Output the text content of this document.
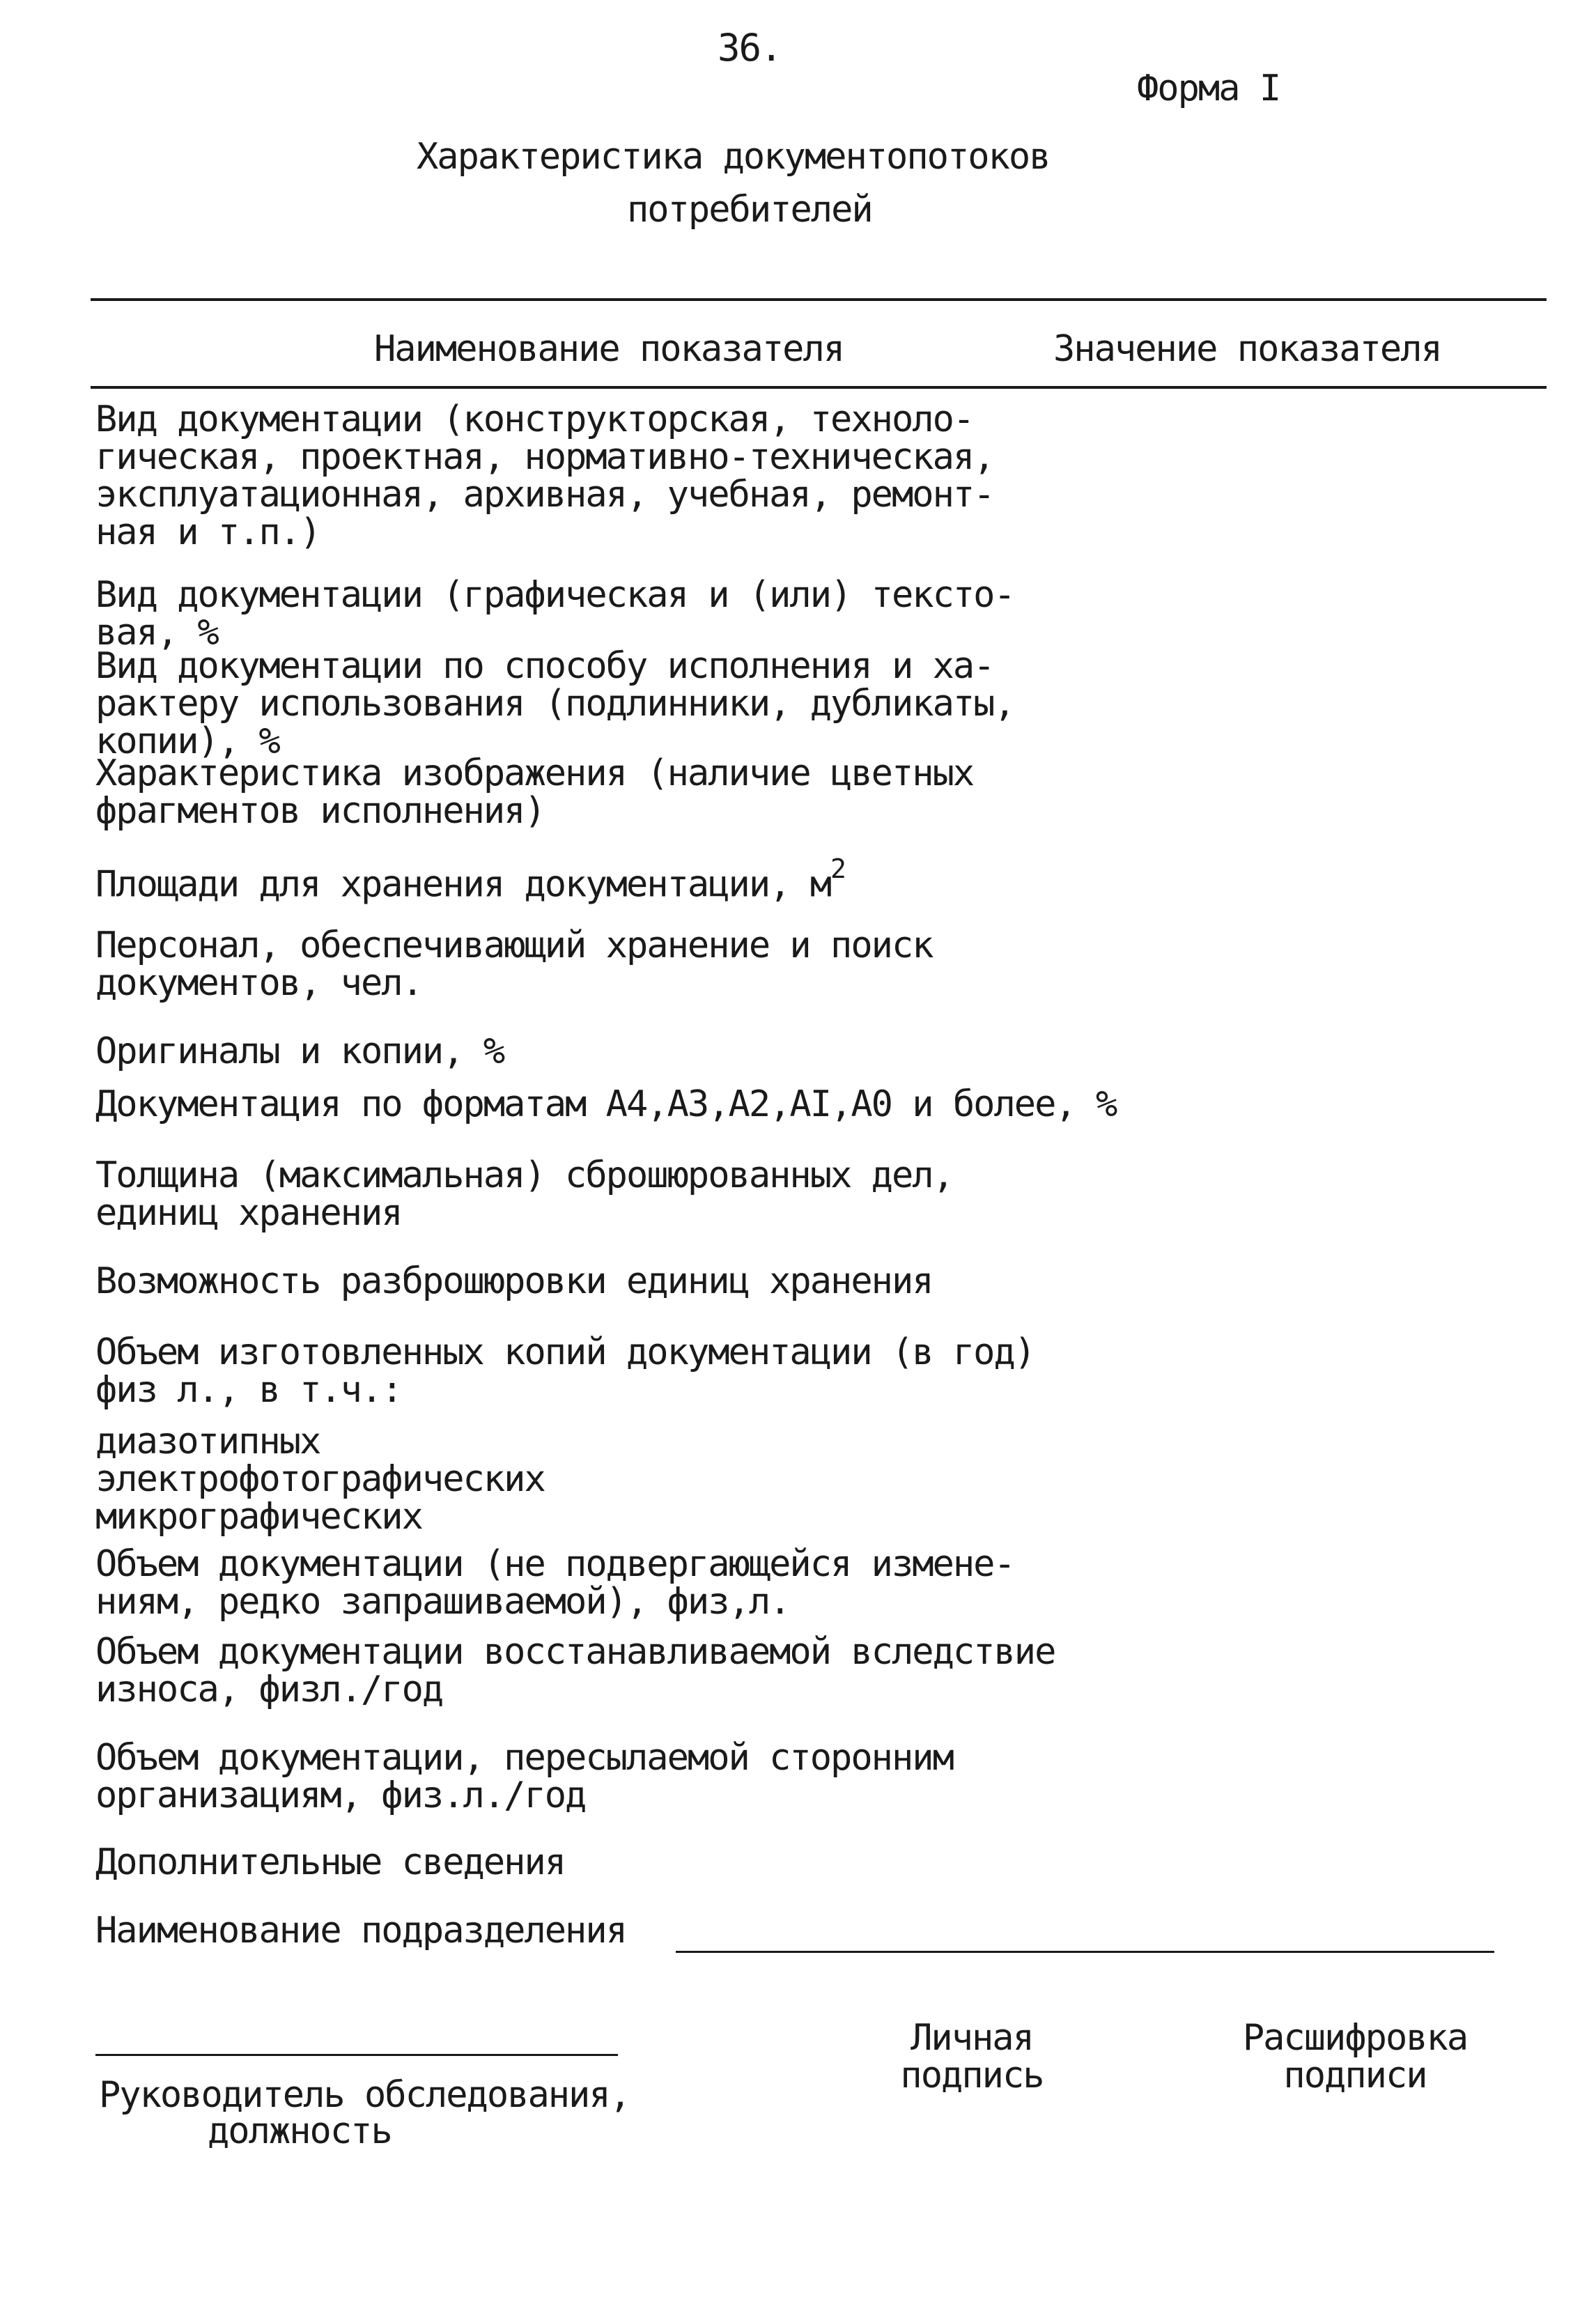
36.
Форма I
Характеристика документопотоков
потребителей
Наименование показателя	Значение показателя
Вид документации (конструкторская, техноло-
гическая, проектная, нормативно-техническая,
эксплуатационная, архивная, учебная, ремонт-
ная и т.п.)
Вид документации (графическая и (или) тексто-
вая, %
Вид документации по способу исполнения и ха-
рактеру использования (подлинники, дубликаты,
копии), %
Характеристика изображения (наличие цветных
фрагментов исполнения)
Площади для хранения документации, $м^2$
Персонал, обеспечивающий хранение и поиск
документов, чел.
Оригиналы и копии, %
Документация по форматам А4,А3,А2,АI,А0 и более, %
Толщина (максимальная) сброшюрованных дел,
единиц хранения
Возможность разброшюровки единиц хранения
Объем изготовленных копий документации (в год)
физ л., в т.ч.:
диазотипных
электрофотографических
микрографических
Объем документации (не подвергающейся измене-
ниям, редко запрашиваемой), физ,л.
Объем документации восстанавливаемой вследствие
износа, физл./год
Объем документации, пересылаемой сторонним
организациям, физ.л./год
Дополнительные сведения
Наименование подразделения
Руководитель обследования,
должность
Личная
подпись
Расшифровка
подписи
